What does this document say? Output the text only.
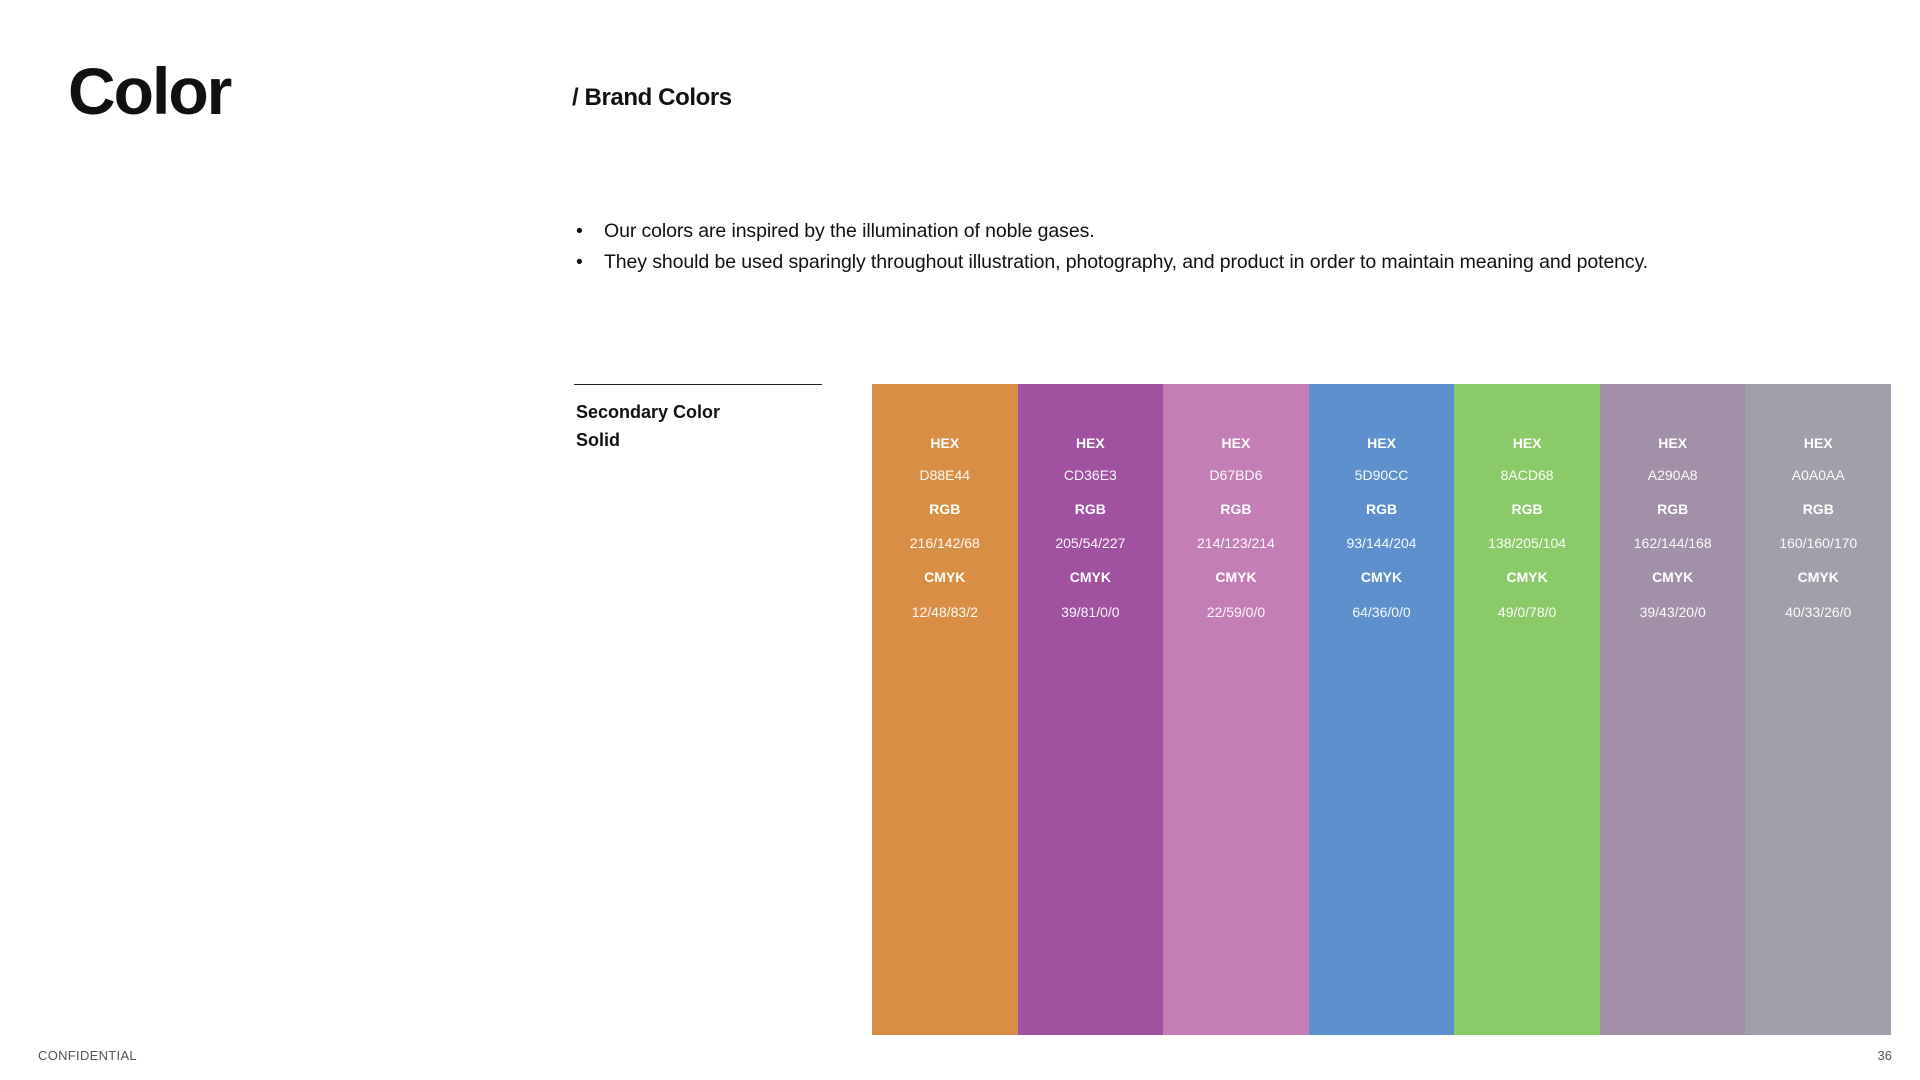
Color	/ Brand Colors
• Our colors are inspired by the illumination of noble gases.
• They should be used sparingly throughout illustration, photography, and product in order to maintain meaning and potency.
Secondary Color
Solid	HEX
D88E44
RGB
216/142/68
CMYK
12/48/83/2
HEX
CD36E3
RGB
205/54/227
CMYK
39/81/0/0
HEX
D67BD6
RGB
214/123/214
CMYK
22/59/0/0
HEX
5D90CC
RGB
93/144/204
CMYK
64/36/0/0
HEX
8ACD68
RGB
138/205/104
CMYK
49/0/78/0
HEX
A290A8
RGB
162/144/168
CMYK
39/43/20/0
HEX
A0A0AA
RGB
160/160/170
CMYK
40/33/26/0
CONFIDENTIAL	36
